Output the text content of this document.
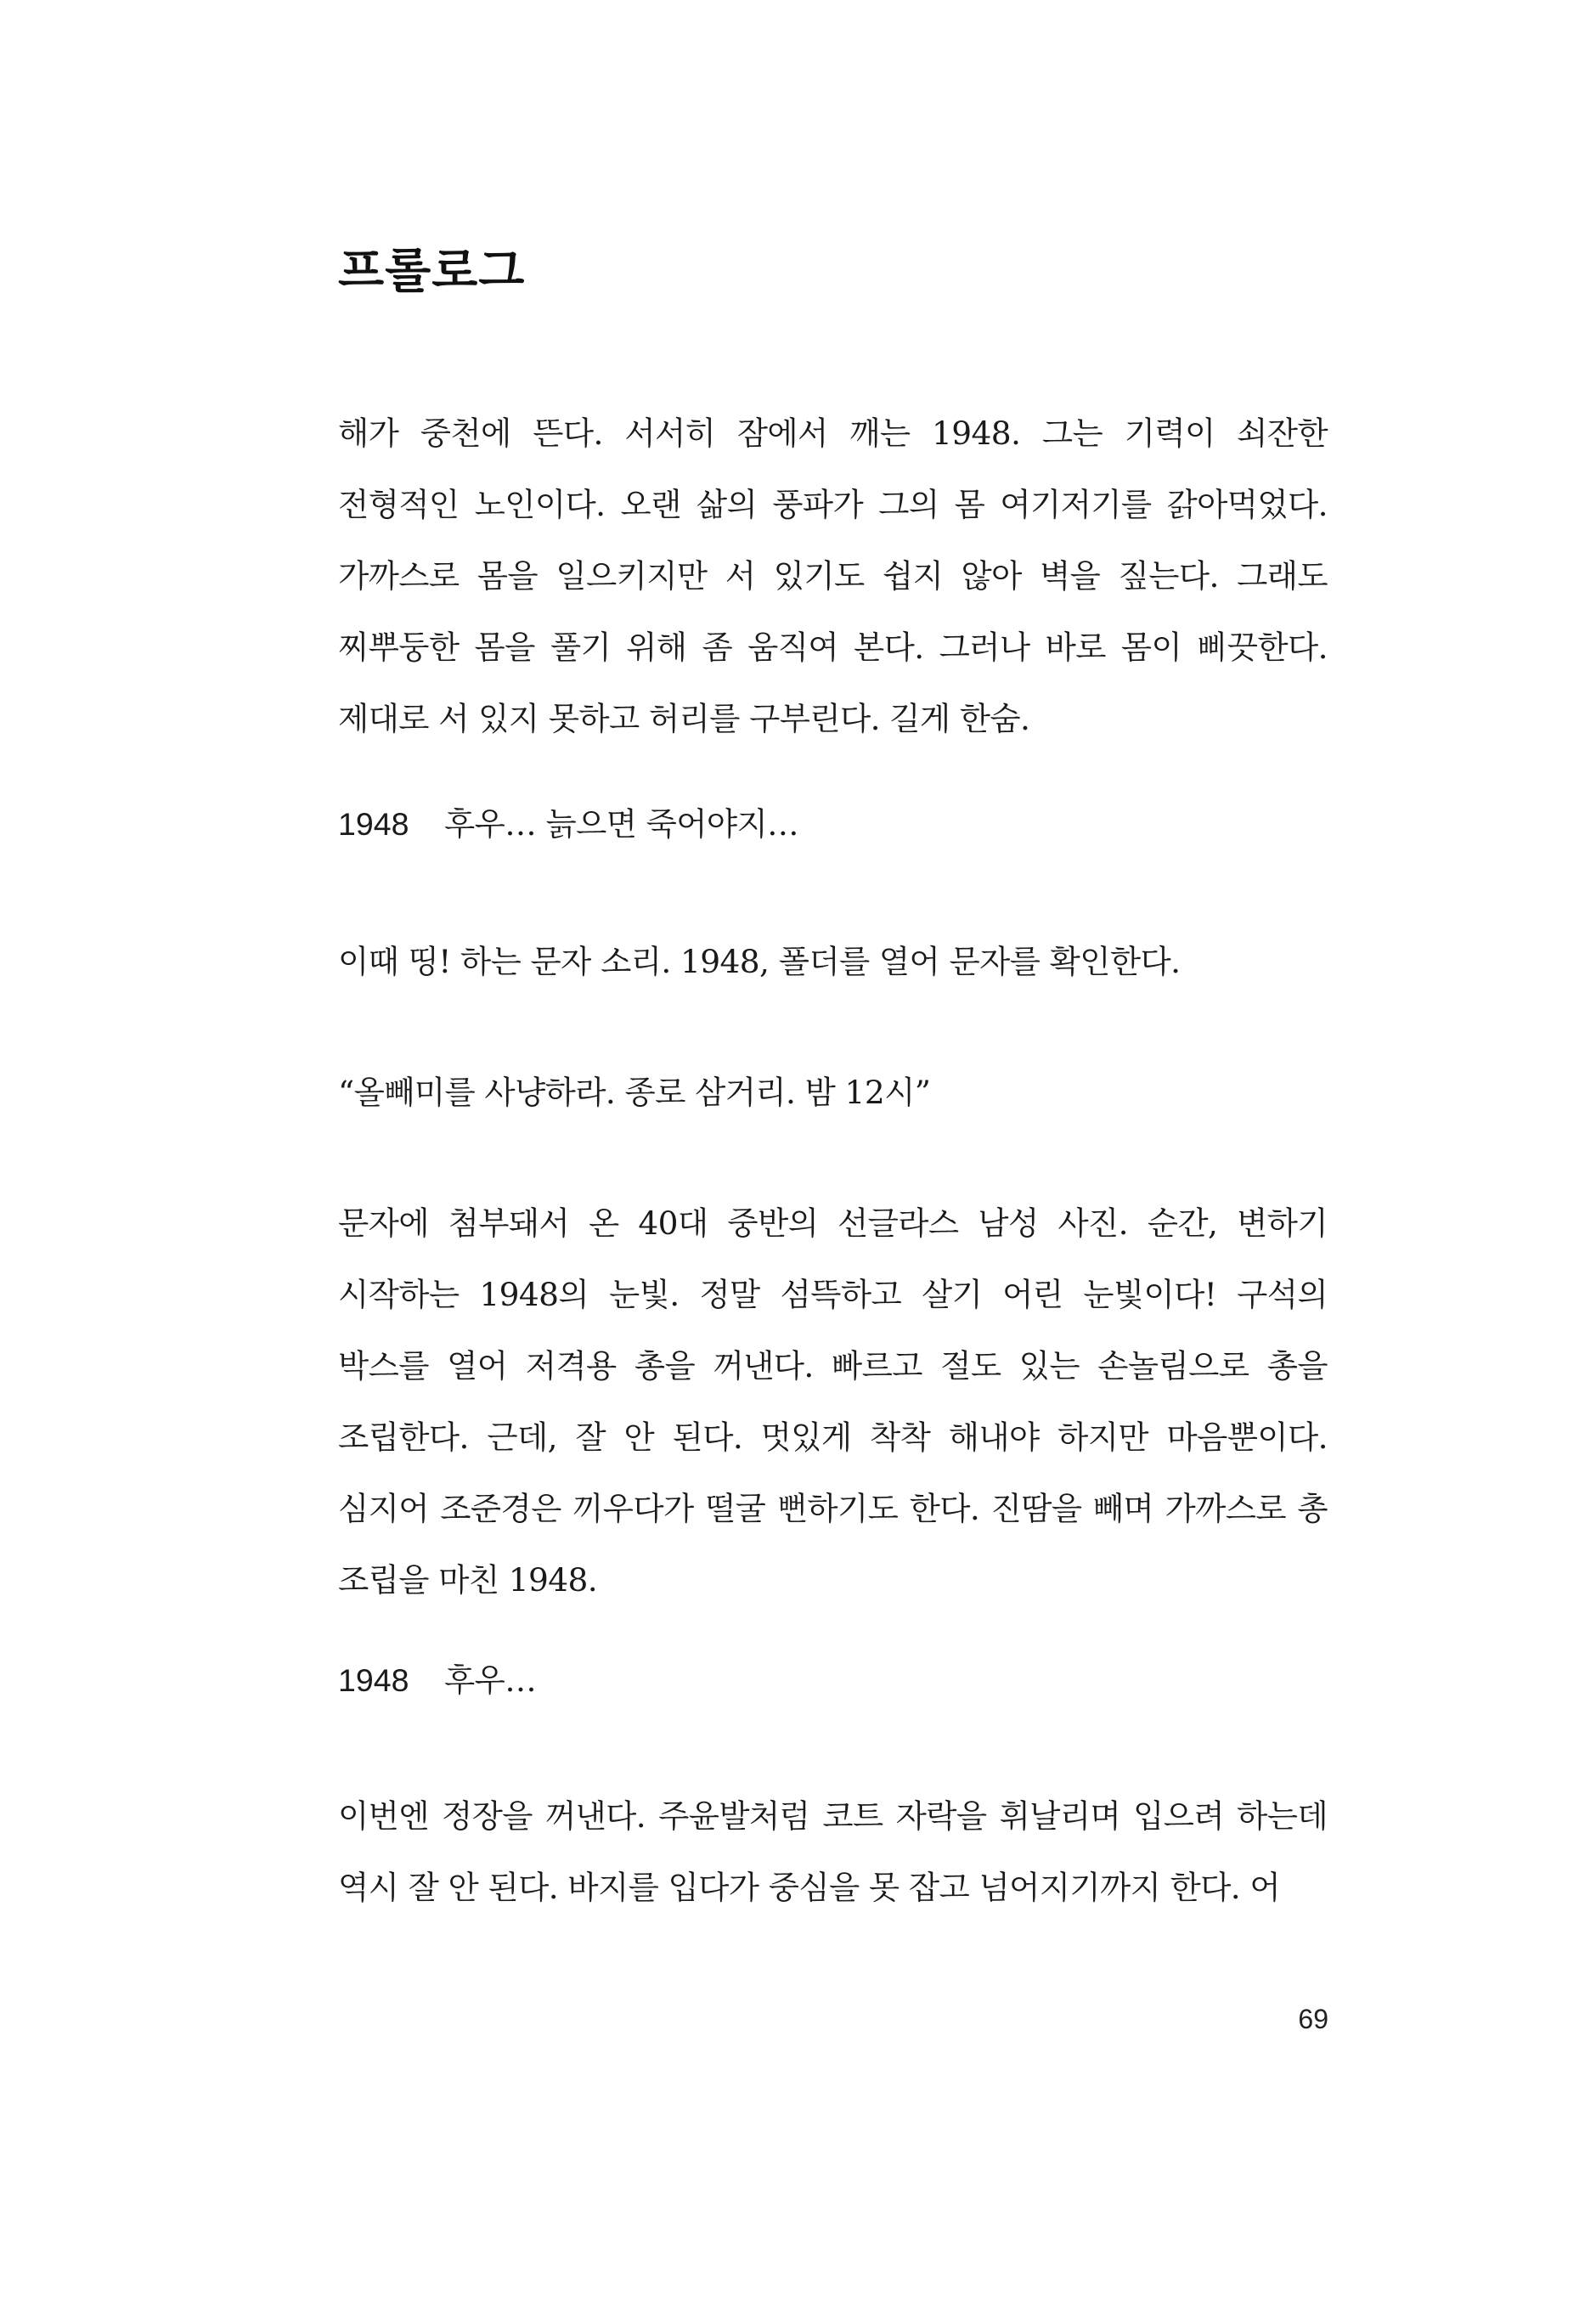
프롤로그

해가 중천에 뜬다. 서서히 잠에서 깨는 1948. 그는 기력이 쇠잔한 전형적인 노인이다. 오랜 삶의 풍파가 그의 몸 여기저기를 갉아먹었다. 가까스로 몸을 일으키지만 서 있기도 쉽지 않아 벽을 짚는다. 그래도 찌뿌둥한 몸을 풀기 위해 좀 움직여 본다. 그러나 바로 몸이 삐끗한다. 제대로 서 있지 못하고 허리를 구부린다. 길게 한숨.

1948 후우… 늙으면 죽어야지…

이때 띵! 하는 문자 소리. 1948, 폴더를 열어 문자를 확인한다.

“올빼미를 사냥하라. 종로 삼거리. 밤 12시”

문자에 첨부돼서 온 40대 중반의 선글라스 남성 사진. 순간, 변하기 시작하는 1948의 눈빛. 정말 섬뜩하고 살기 어린 눈빛이다! 구석의 박스를 열어 저격용 총을 꺼낸다. 빠르고 절도 있는 손놀림으로 총을 조립한다. 근데, 잘 안 된다. 멋있게 착착 해내야 하지만 마음뿐이다. 심지어 조준경은 끼우다가 떨굴 뻔하기도 한다. 진땀을 빼며 가까스로 총 조립을 마친 1948.

1948 후우…

이번엔 정장을 꺼낸다. 주윤발처럼 코트 자락을 휘날리며 입으려 하는데 역시 잘 안 된다. 바지를 입다가 중심을 못 잡고 넘어지기까지 한다. 어

69
